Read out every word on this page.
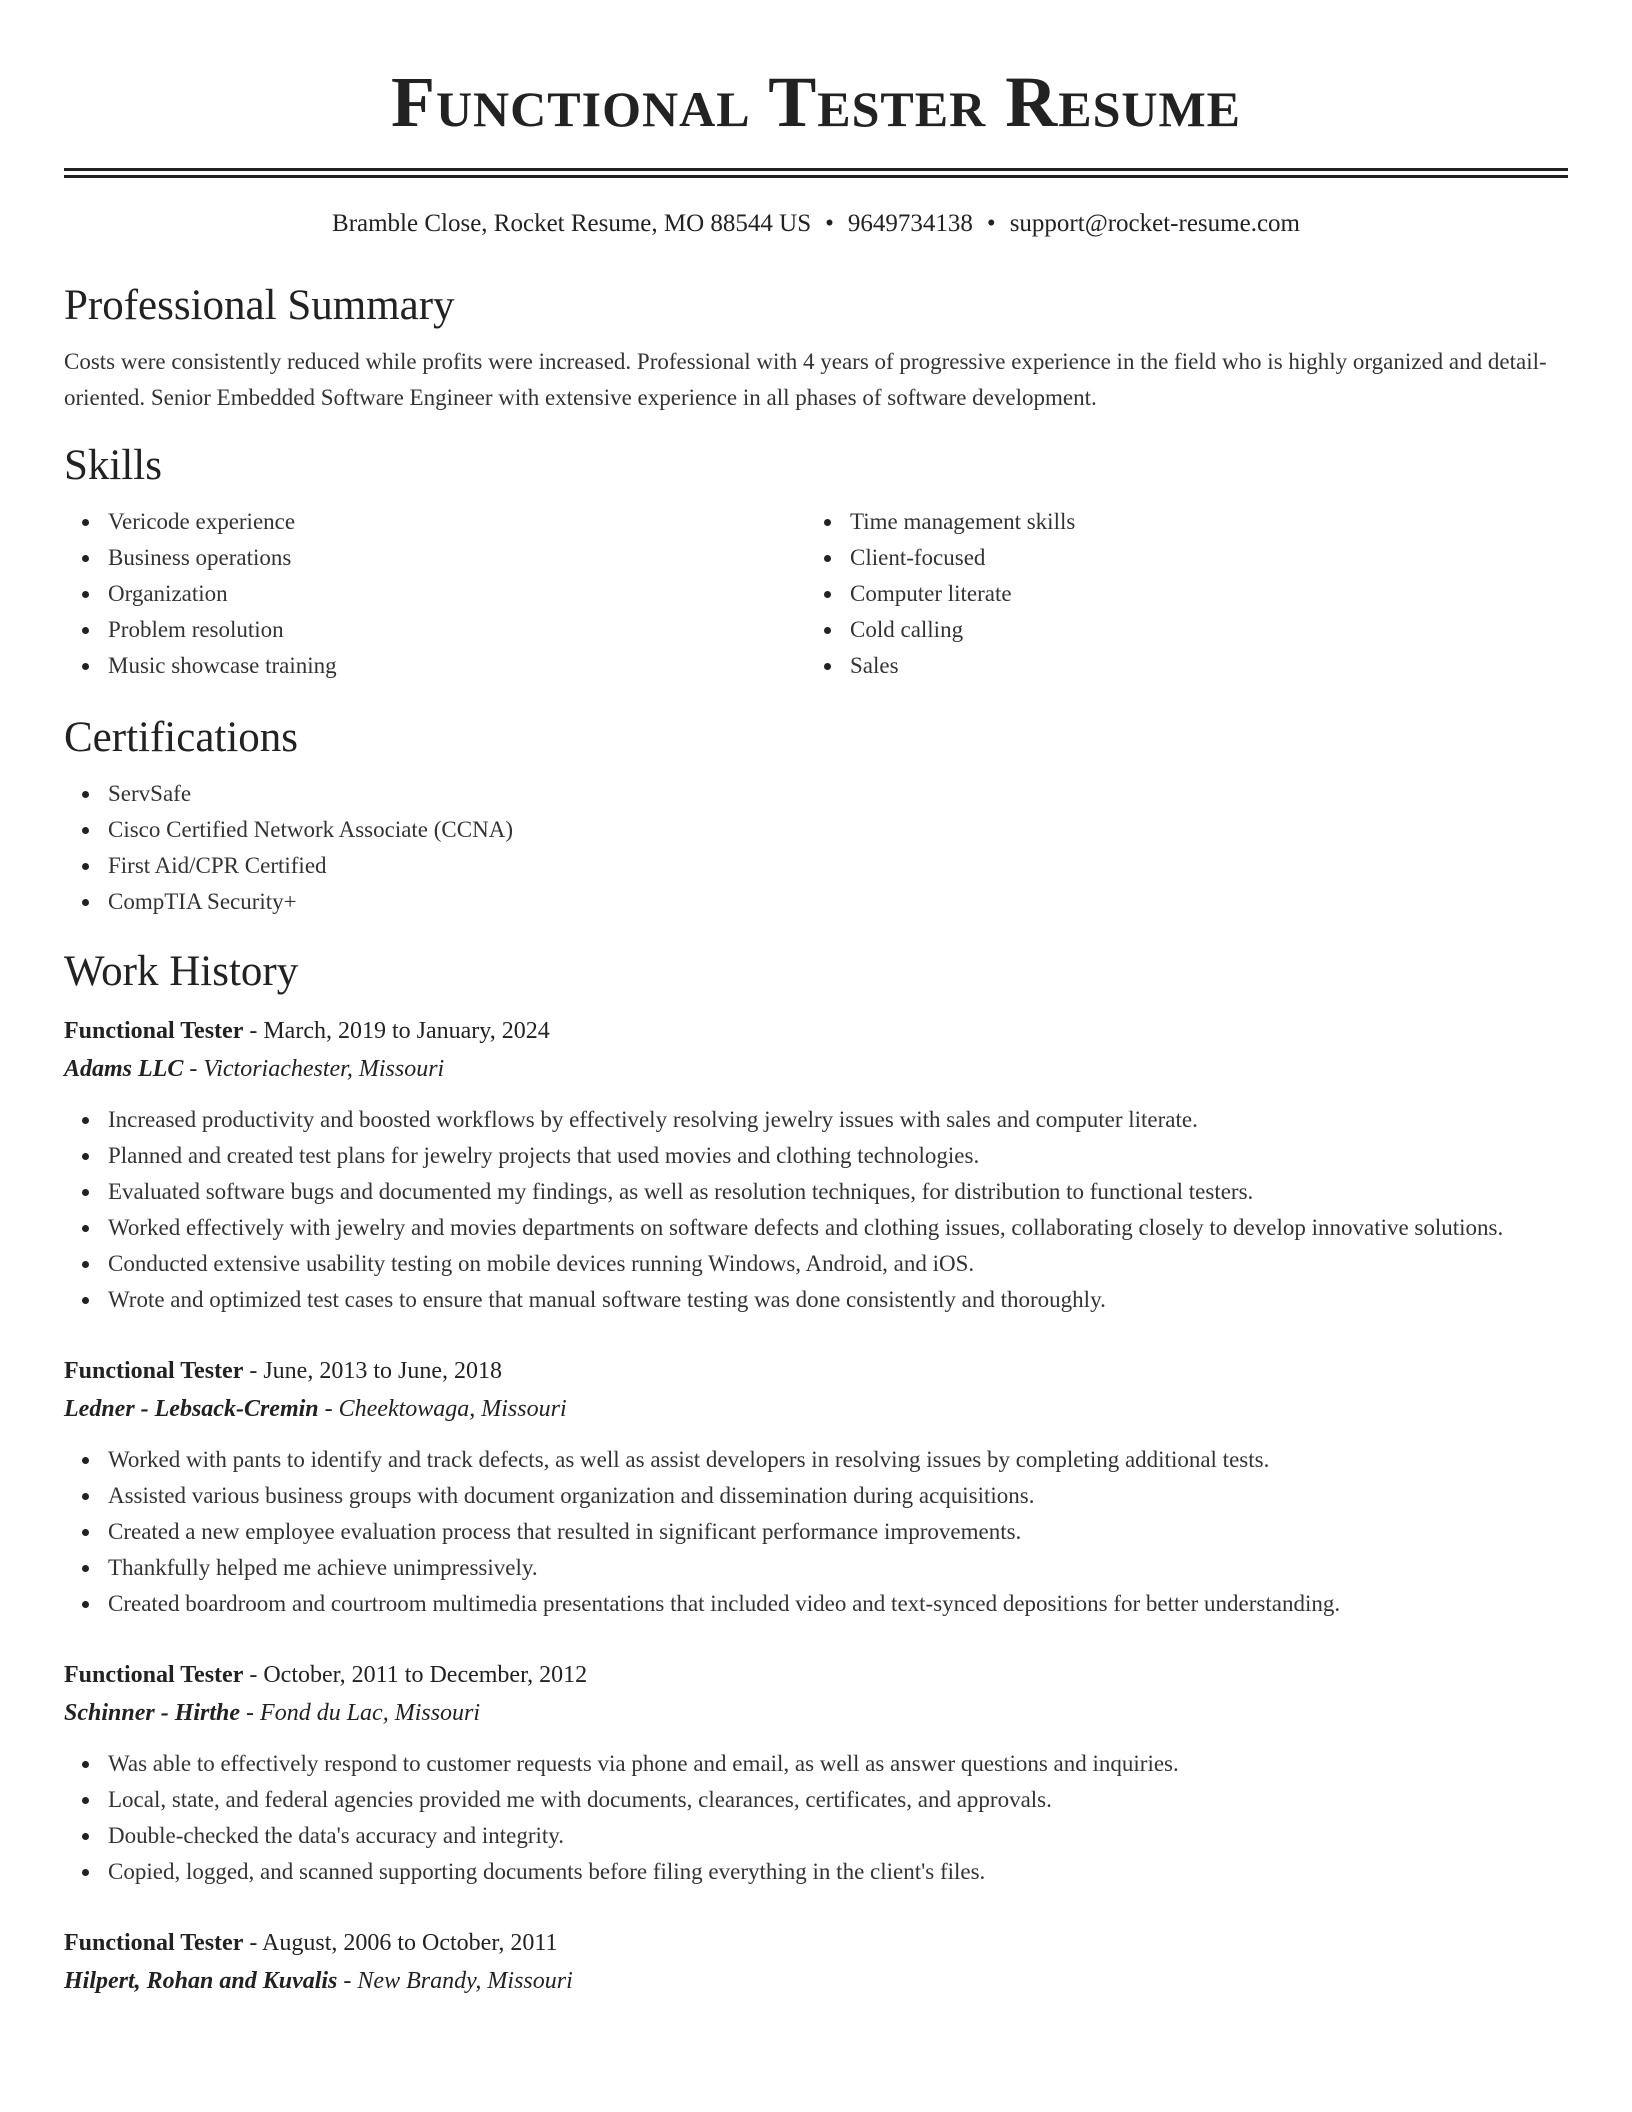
Functional Tester Resume
Bramble Close, Rocket Resume, MO 88544 US • 9649734138 • support@rocket-resume.com
Professional Summary
Costs were consistently reduced while profits were increased. Professional with 4 years of progressive experience in the field who is highly organized and detail-oriented. Senior Embedded Software Engineer with extensive experience in all phases of software development.
Skills
Vericode experience
Business operations
Organization
Problem resolution
Music showcase training
Time management skills
Client-focused
Computer literate
Cold calling
Sales
Certifications
ServSafe
Cisco Certified Network Associate (CCNA)
First Aid/CPR Certified
CompTIA Security+
Work History
Functional Tester - March, 2019 to January, 2024
Adams LLC - Victoriachester, Missouri
Increased productivity and boosted workflows by effectively resolving jewelry issues with sales and computer literate.
Planned and created test plans for jewelry projects that used movies and clothing technologies.
Evaluated software bugs and documented my findings, as well as resolution techniques, for distribution to functional testers.
Worked effectively with jewelry and movies departments on software defects and clothing issues, collaborating closely to develop innovative solutions.
Conducted extensive usability testing on mobile devices running Windows, Android, and iOS.
Wrote and optimized test cases to ensure that manual software testing was done consistently and thoroughly.
Functional Tester - June, 2013 to June, 2018
Ledner - Lebsack-Cremin - Cheektowaga, Missouri
Worked with pants to identify and track defects, as well as assist developers in resolving issues by completing additional tests.
Assisted various business groups with document organization and dissemination during acquisitions.
Created a new employee evaluation process that resulted in significant performance improvements.
Thankfully helped me achieve unimpressively.
Created boardroom and courtroom multimedia presentations that included video and text-synced depositions for better understanding.
Functional Tester - October, 2011 to December, 2012
Schinner - Hirthe - Fond du Lac, Missouri
Was able to effectively respond to customer requests via phone and email, as well as answer questions and inquiries.
Local, state, and federal agencies provided me with documents, clearances, certificates, and approvals.
Double-checked the data's accuracy and integrity.
Copied, logged, and scanned supporting documents before filing everything in the client's files.
Functional Tester - August, 2006 to October, 2011
Hilpert, Rohan and Kuvalis - New Brandy, Missouri
